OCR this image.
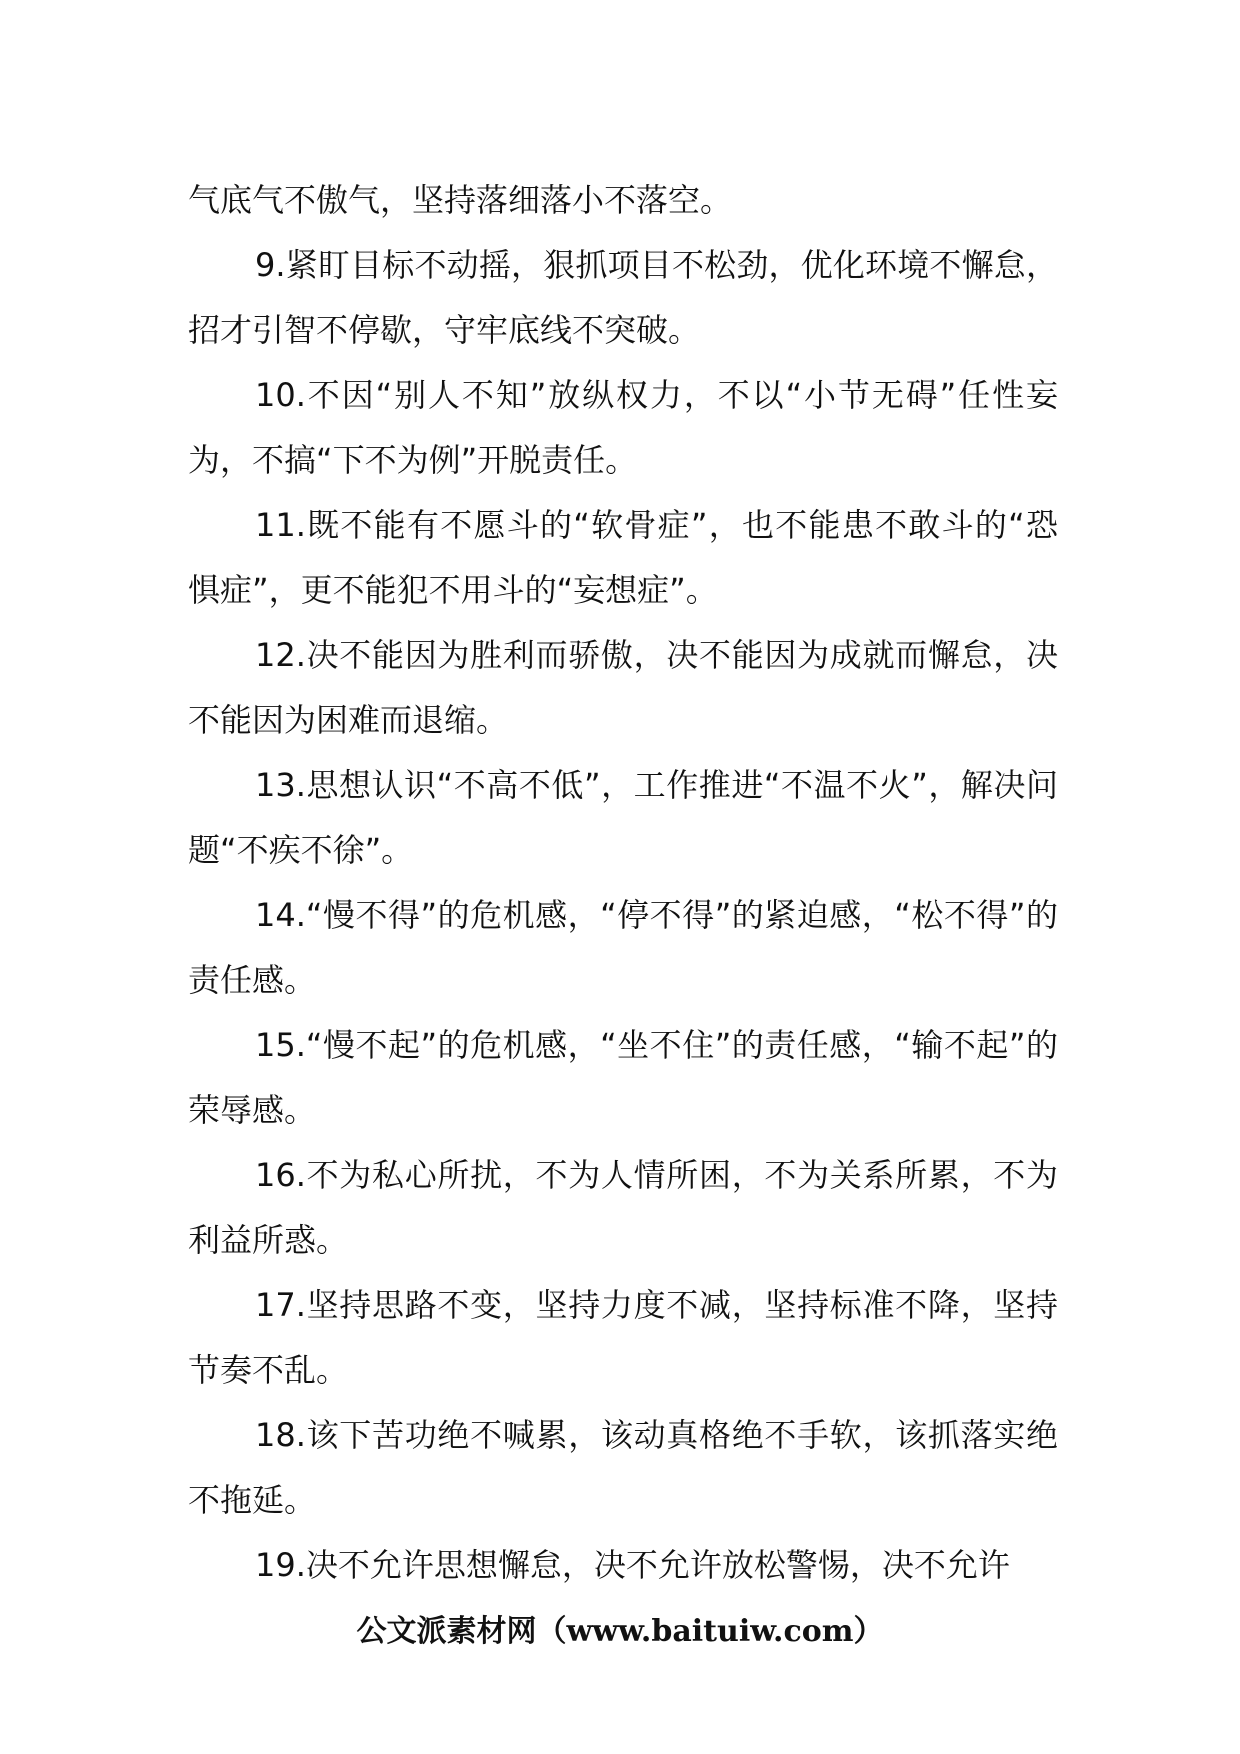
气底气不傲气，坚持落细落小不落空。

9.紧盯目标不动摇，狠抓项目不松劲，优化环境不懈怠，招才引智不停歇，守牢底线不突破。

10.不因“别人不知”放纵权力，不以“小节无碍”任性妄为，不搞“下不为例”开脱责任。

11.既不能有不愿斗的“软骨症”，也不能患不敢斗的“恐惧症”，更不能犯不用斗的“妄想症”。

12.决不能因为胜利而骄傲，决不能因为成就而懈怠，决不能因为困难而退缩。

13.思想认识“不高不低”，工作推进“不温不火”，解决问题“不疾不徐”。

14.“慢不得”的危机感，“停不得”的紧迫感，“松不得”的责任感。

15.“慢不起”的危机感，“坐不住”的责任感，“输不起”的荣辱感。

16.不为私心所扰，不为人情所困，不为关系所累，不为利益所惑。

17.坚持思路不变，坚持力度不减，坚持标准不降，坚持节奏不乱。

18.该下苦功绝不喊累，该动真格绝不手软，该抓落实绝不拖延。

19.决不允许思想懈怠，决不允许放松警惕，决不允许

公文派素材网（www.baituiw.com）
